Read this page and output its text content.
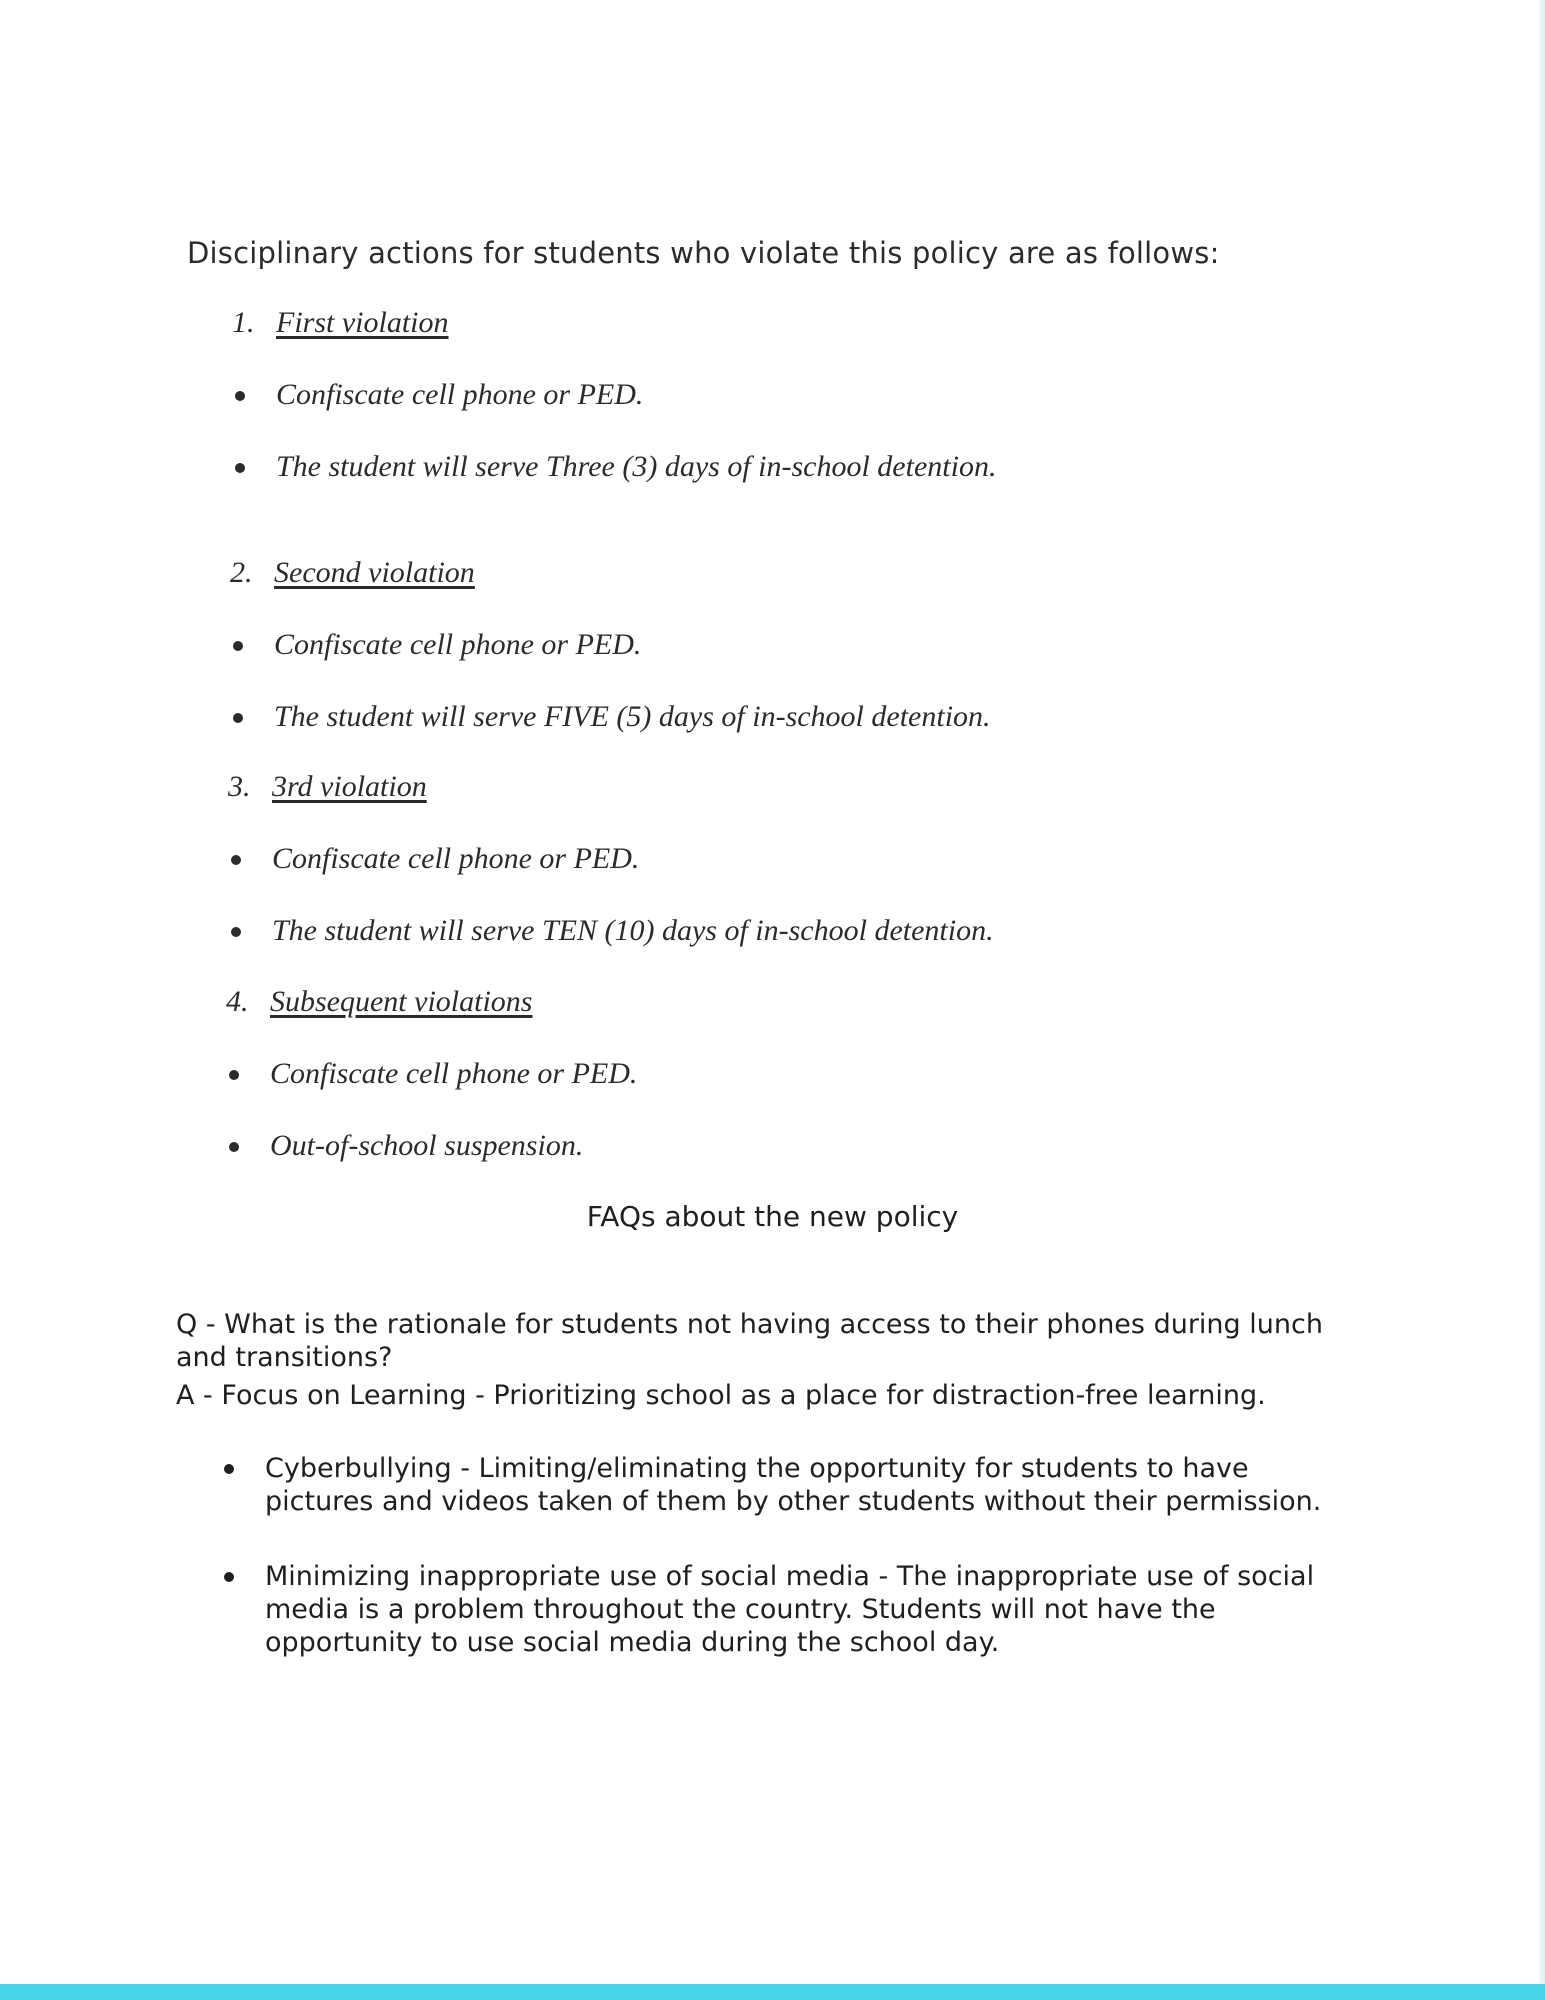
Disciplinary actions for students who violate this policy are as follows:
1. First violation
Confiscate cell phone or PED.
The student will serve Three (3) days of in-school detention.
2. Second violation
Confiscate cell phone or PED.
The student will serve FIVE (5) days of in-school detention.
3. 3rd violation
Confiscate cell phone or PED.
The student will serve TEN (10) days of in-school detention.
4. Subsequent violations
Confiscate cell phone or PED.
Out-of-school suspension.
FAQs about the new policy
Q - What is the rationale for students not having access to their phones during lunch and transitions?
A - Focus on Learning - Prioritizing school as a place for distraction-free learning.
Cyberbullying - Limiting/eliminating the opportunity for students to have pictures and videos taken of them by other students without their permission.
Minimizing inappropriate use of social media - The inappropriate use of social media is a problem throughout the country. Students will not have the opportunity to use social media during the school day.
